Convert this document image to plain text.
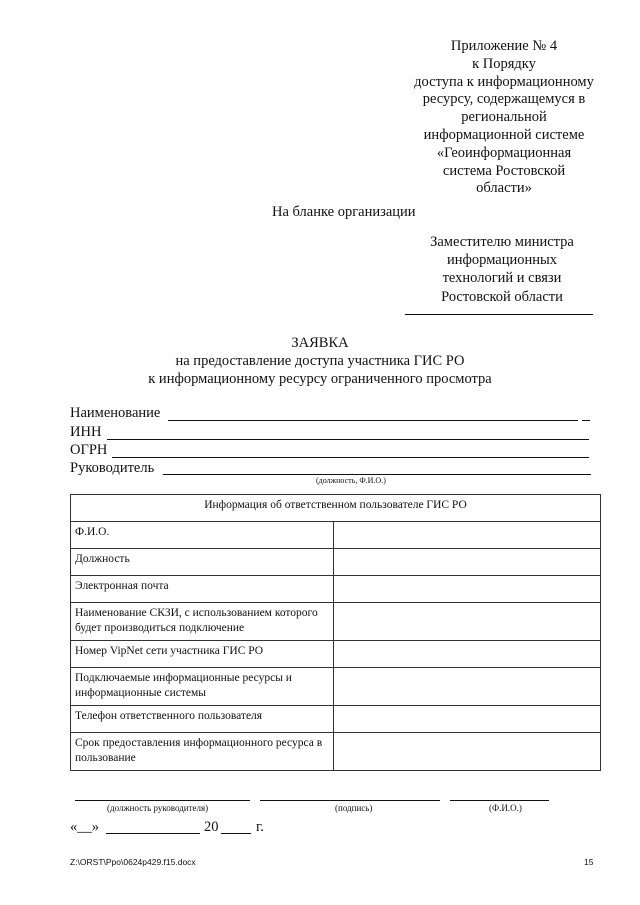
Приложение № 4
к Порядку
доступа к информационному
ресурсу, содержащемуся в
региональной
информационной системе
«Геоинформационная
система Ростовской
области»
На бланке организации
Заместителю министра
информационных
технологий и связи
Ростовской области
ЗАЯВКА
на предоставление доступа участника ГИС РО
к информационному ресурсу ограниченного просмотра
Наименование
ИНН
ОГРН
Руководитель
(должность, Ф.И.О.)
Информация об ответственном пользователе ГИС РО	
Ф.И.О.	
Должность	
Электронная почта	
Наименование СКЗИ, с использованием которого будет производиться подключение	
Номер VipNet сети участника ГИС РО	
Подключаемые информационные ресурсы и информационные системы	
Телефон ответственного пользователя	
Срок предоставления информационного ресурса в пользование	
(должность руководителя)	(подпись)	(Ф.И.О.)
«__»	20	г.
Z:\ORST\Ppo\0624p429.f15.docx	15
